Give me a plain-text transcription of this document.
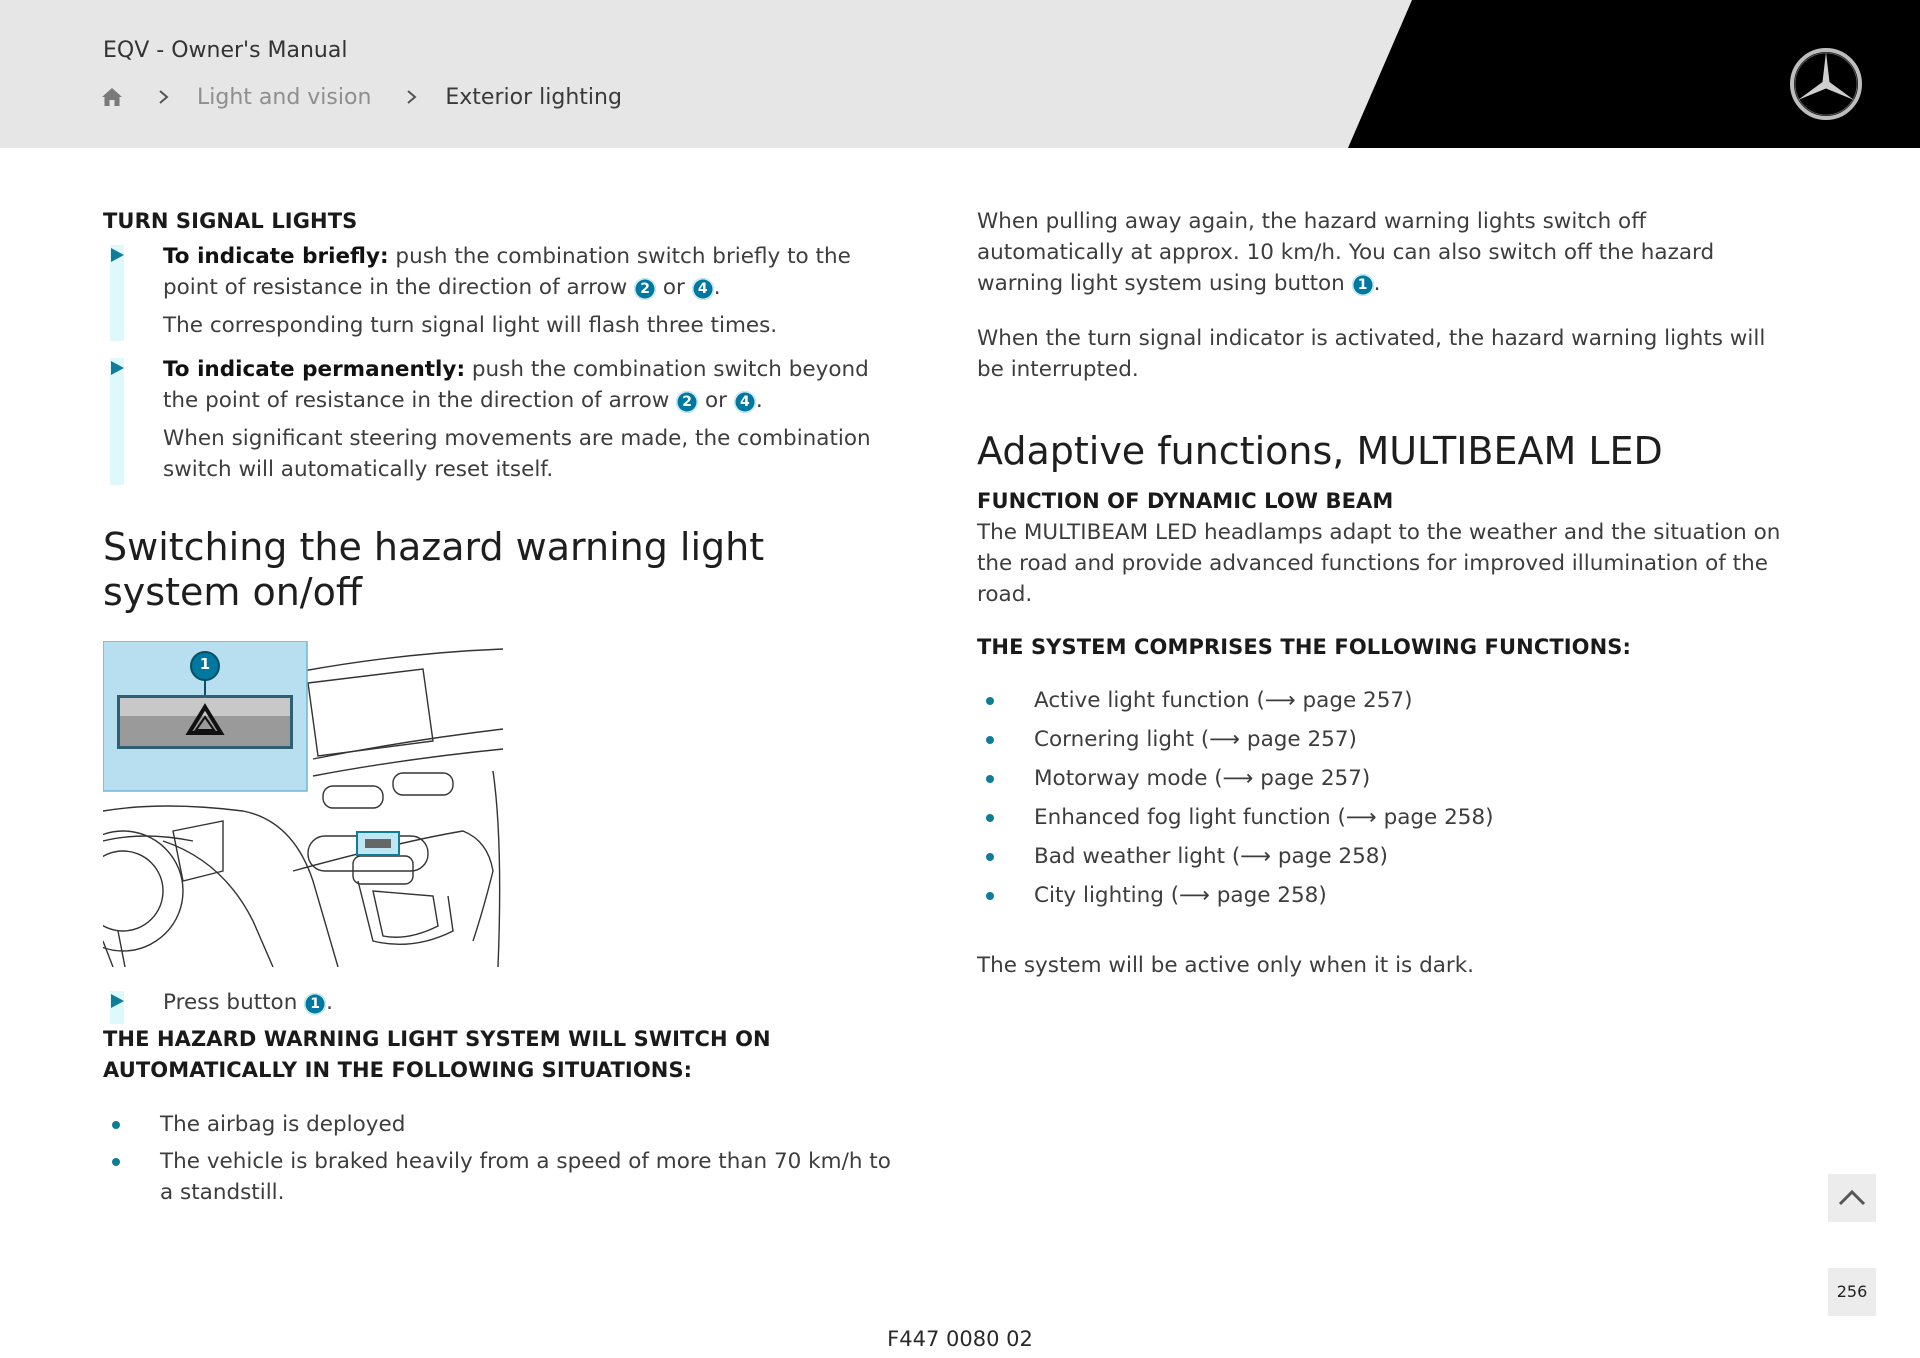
EQV - Owner's Manual
Light and vision	Exterior lighting

TURN SIGNAL LIGHTS

To indicate briefly: push the combination switch briefly to the point of resistance in the direction of arrow 2 or 4 .

The corresponding turn signal light will flash three times.

To indicate permanently: push the combination switch beyond the point of resistance in the direction of arrow 2 or 4 .

When significant steering movements are made, the combination switch will automatically reset itself.

Switching the hazard warning light system on/off
1

Press button 1 .

THE HAZARD WARNING LIGHT SYSTEM WILL SWITCH ON AUTOMATICALLY IN THE FOLLOWING SITUATIONS:

The airbag is deployed
The vehicle is braked heavily from a speed of more than 70 km/h to a standstill.

When pulling away again, the hazard warning lights switch off automatically at approx. 10 km/h. You can also switch off the hazard warning light system using button 1 .

When the turn signal indicator is activated, the hazard warning lights will be interrupted.

Adaptive functions, MULTIBEAM LED

FUNCTION OF DYNAMIC LOW BEAM

The MULTIBEAM LED headlamps adapt to the weather and the situation on the road and provide advanced functions for improved illumination of the road.

THE SYSTEM COMPRISES THE FOLLOWING FUNCTIONS:

Active light function (⟶ page 257)
Cornering light (⟶ page 257)
Motorway mode (⟶ page 257)
Enhanced fog light function (⟶ page 258)
Bad weather light (⟶ page 258)
City lighting (⟶ page 258)

The system will be active only when it is dark.

256
F447 0080 02
